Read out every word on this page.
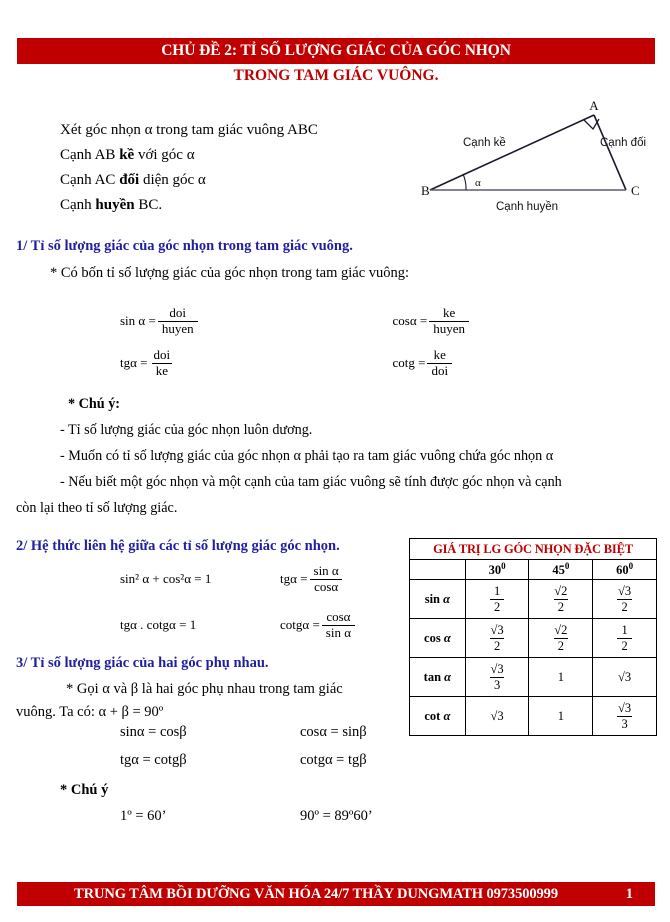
CHỦ ĐỀ 2: TỈ SỐ LƯỢNG GIÁC CỦA GÓC NHỌN
TRONG TAM GIÁC VUÔNG.
Xét góc nhọn α trong tam giác vuông ABC
Cạnh AB kề với góc α
Cạnh AC đối diện góc α
Cạnh huyền BC.
A
B	C
α
Cạnh kề	Cạnh đối
Cạnh huyền
1/ Tỉ số lượng giác của góc nhọn trong tam giác vuông.
* Có bốn tỉ số lượng giác của góc nhọn trong tam giác vuông:
$\sin \alpha = \frac{\text{doi}}{\text{huyen}}$	$\cos\alpha = \frac{ke}{\text{huyen}}$
$tg\alpha = \frac{\text{doi}}{ke}$	$\cot g = \frac{ke}{\text{doi}}$
* Chú ý:
- Tỉ số lượng giác của góc nhọn luôn dương.
- Muốn có tỉ số lượng giác của góc nhọn α phải tạo ra tam giác vuông chứa góc nhọn α
- Nếu biết một góc nhọn và một cạnh của tam giác vuông sẽ tính được góc nhọn và cạnh
còn lại theo tỉ số lượng giác.
2/ Hệ thức liên hệ giữa các tỉ số lượng giác góc nhọn.
sin² α + cos²α = 1	$tg\alpha = \frac{\text{sin α}}{\cos\alpha}$
tgα . cotgα = 1	$\cot g\alpha = \frac{\cos\alpha}{\text{sin α}}$
GIÁ TRỊ LG GÓC NHỌN ĐẶC BIỆT			
	$30^0$	$45^0$	$60^0$
sin α	$\frac{1}{2}$	$\frac{√2}{2}$	$\frac{√3}{2}$

cos α	$\frac{√3}{2}$	$\frac{√2}{2}$	$\frac{1}{2}$

tan α	$\frac{√3}{3}$	1	√3
cot α	√3	1	$\frac{√3}{3}$
3/ Tỉ số lượng giác của hai góc phụ nhau.
* Gọi α và β là hai góc phụ nhau trong tam giác
vuông. Ta có: α + β = 90º
sinα = cosβ	cosα = sinβ
tgα = cotgβ	cotgα = tgβ
* Chú ý
1º = 60’	90º = 89º60’
TRUNG TÂM BỒI DƯỠNG VĂN HÓA 24/7 THẦY DUNGMATH 0973500999	1
